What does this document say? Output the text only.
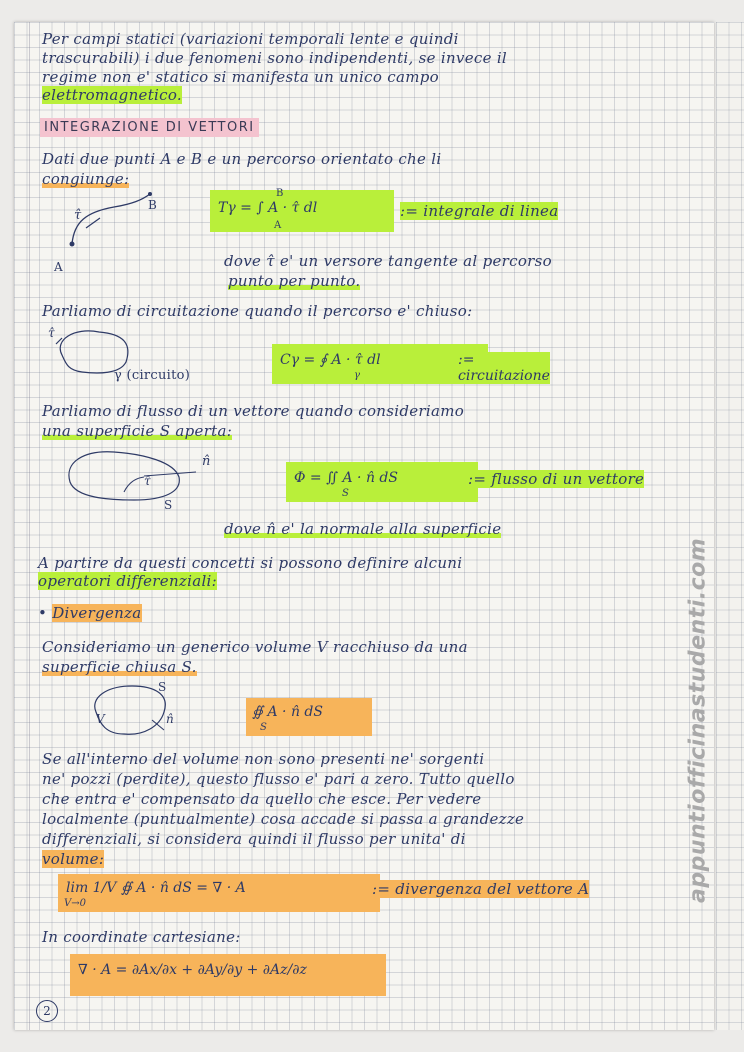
Per campi statici (variazioni temporali lente e quindi
trascurabili) i due fenomeni sono indipendenti, se invece il
regime non e' statico si manifesta un unico campo
elettromagnetico.
INTEGRAZIONE DI VETTORI
Dati due punti A e B e un percorso orientato che li
congiunge:
A
B
τ̂	Tγ = ∫ A · τ̂ dl
B
A
:= integrale di linea
dove τ̂ e' un versore tangente al percorso
punto per punto.
Parliamo di circuitazione quando il percorso e' chiuso:
τ̂
γ (circuito)
Cγ = ∮ A · τ̂ dl
γ
:= circuitazione
Parliamo di flusso di un vettore quando consideriamo
una superficie S aperta:
n̂
τ̂
S
Φ = ∬ A · n̂ dS
S
:= flusso di un vettore
dove n̂ e' la normale alla superficie
A partire da questi concetti si possono definire alcuni
operatori differenziali:
• Divergenza
Consideriamo un generico volume V racchiuso da una
superficie chiusa S.
S
V	n̂	∯ A · n̂ dS
S
Se all'interno del volume non sono presenti ne' sorgenti
ne' pozzi (perdite), questo flusso e' pari a zero. Tutto quello
che entra e' compensato da quello che esce. Per vedere
localmente (puntualmente) cosa accade si passa a grandezze
differenziali, si considera quindi il flusso per unita' di
volume:
lim 1/V ∯ A · n̂ dS = ∇ · A
V→0
:= divergenza del vettore A
In coordinate cartesiane:
∇ · A = ∂Ax/∂x + ∂Ay/∂y + ∂Az/∂z
2
appuntiofficinastudenti.com
